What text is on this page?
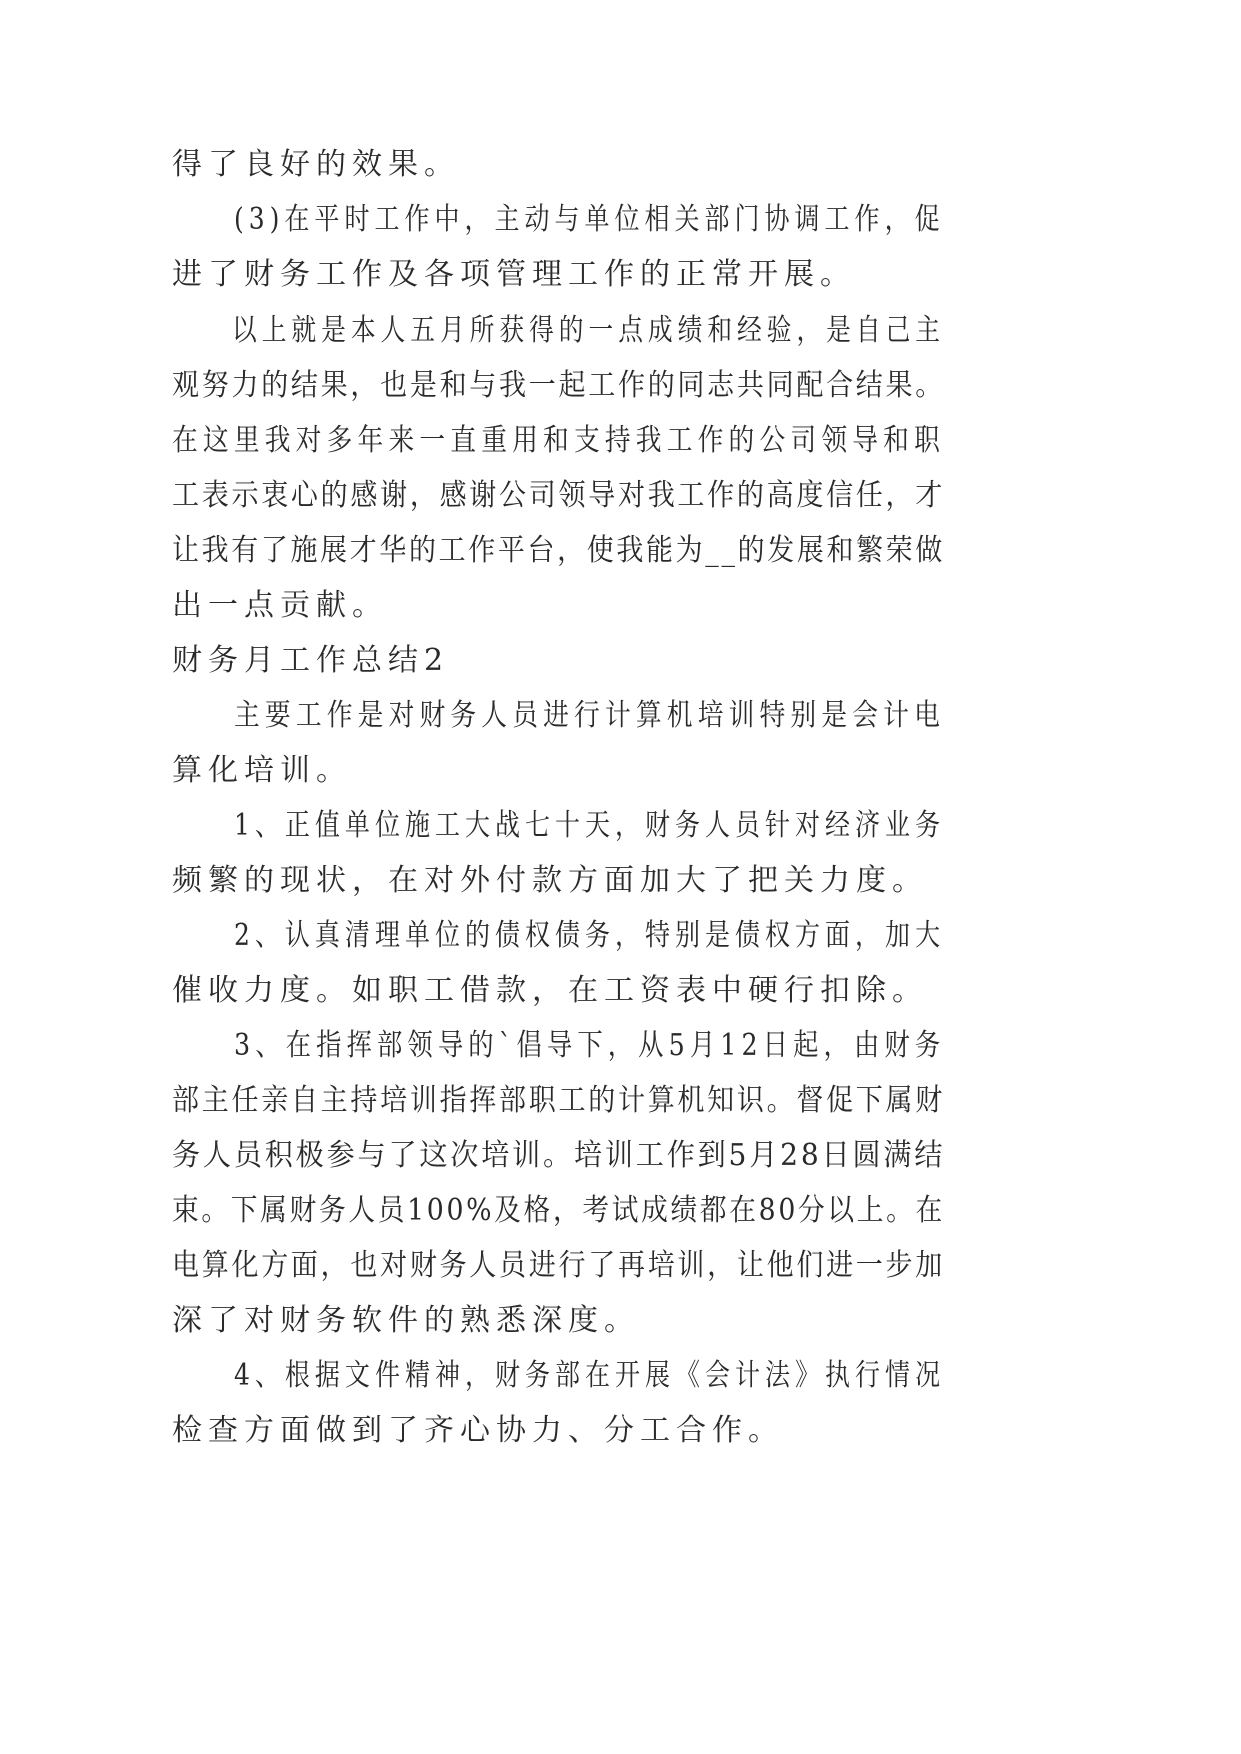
得了良好的效果。
(3)在平时工作中，主动与单位相关部门协调工作，促
进了财务工作及各项管理工作的正常开展。
以上就是本人五月所获得的一点成绩和经验，是自己主
观努力的结果，也是和与我一起工作的同志共同配合结果。
在这里我对多年来一直重用和支持我工作的公司领导和职
工表示衷心的感谢，感谢公司领导对我工作的高度信任，才
让我有了施展才华的工作平台，使我能为__的发展和繁荣做
出一点贡献。
财务月工作总结2
主要工作是对财务人员进行计算机培训特别是会计电
算化培训。
1、正值单位施工大战七十天，财务人员针对经济业务
频繁的现状，在对外付款方面加大了把关力度。
2、认真清理单位的债权债务，特别是债权方面，加大
催收力度。如职工借款，在工资表中硬行扣除。
3、在指挥部领导的`倡导下，从5月12日起，由财务
部主任亲自主持培训指挥部职工的计算机知识。督促下属财
务人员积极参与了这次培训。培训工作到5月28日圆满结
束。下属财务人员100%及格，考试成绩都在80分以上。在
电算化方面，也对财务人员进行了再培训，让他们进一步加
深了对财务软件的熟悉深度。
4、根据文件精神，财务部在开展《会计法》执行情况
检查方面做到了齐心协力、分工合作。
